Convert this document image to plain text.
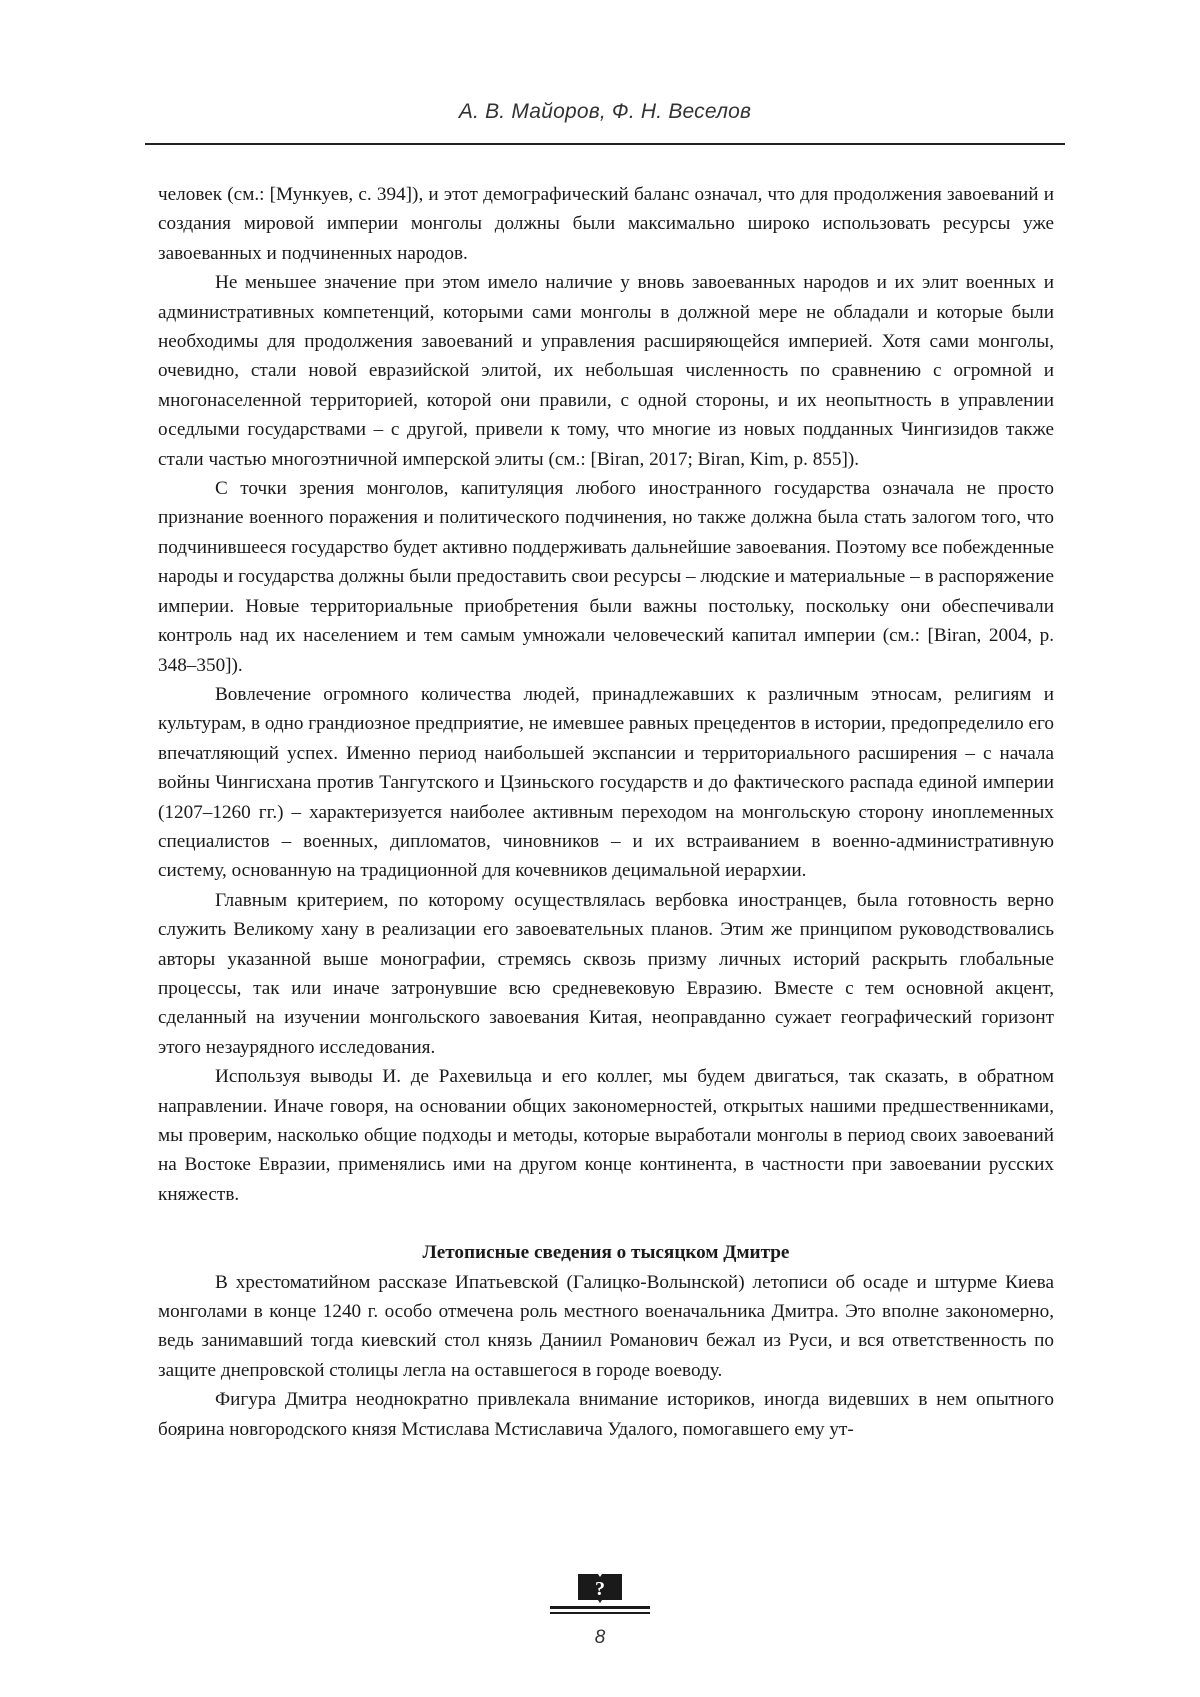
А. В. Майоров, Ф. Н. Веселов

человек (см.: [Мункуев, с. 394]), и этот демографический баланс означал, что для продолжения завоеваний и создания мировой империи монголы должны были максимально широко использовать ресурсы уже завоеванных и подчиненных народов.

Не меньшее значение при этом имело наличие у вновь завоеванных народов и их элит военных и административных компетенций, которыми сами монголы в должной мере не обладали и которые были необходимы для продолжения завоеваний и управления расширяющейся империей. Хотя сами монголы, очевидно, стали новой евразийской элитой, их небольшая численность по сравнению с огромной и многонаселенной территорией, которой они правили, с одной стороны, и их неопытность в управлении оседлыми государствами – с другой, привели к тому, что многие из новых подданных Чингизидов также стали частью многоэтничной имперской элиты (см.: [Biran, 2017; Biran, Kim, p. 855]).

С точки зрения монголов, капитуляция любого иностранного государства означала не просто признание военного поражения и политического подчинения, но также должна была стать залогом того, что подчинившееся государство будет активно поддерживать дальнейшие завоевания. Поэтому все побежденные народы и государства должны были предоставить свои ресурсы – людские и материальные – в распоряжение империи. Новые территориальные приобретения были важны постольку, поскольку они обеспечивали контроль над их населением и тем самым умножали человеческий капитал империи (см.: [Biran, 2004, p. 348–350]).

Вовлечение огромного количества людей, принадлежавших к различным этносам, религиям и культурам, в одно грандиозное предприятие, не имевшее равных прецедентов в истории, предопределило его впечатляющий успех. Именно период наибольшей экспансии и территориального расширения – с начала войны Чингисхана против Тангутского и Цзиньского государств и до фактического распада единой империи (1207–1260 гг.) – характеризуется наиболее активным переходом на монгольскую сторону иноплеменных специалистов – военных, дипломатов, чиновников – и их встраиванием в военно-административную систему, основанную на традиционной для кочевников децимальной иерархии.

Главным критерием, по которому осуществлялась вербовка иностранцев, была готовность верно служить Великому хану в реализации его завоевательных планов. Этим же принципом руководствовались авторы указанной выше монографии, стремясь сквозь призму личных историй раскрыть глобальные процессы, так или иначе затронувшие всю средневековую Евразию. Вместе с тем основной акцент, сделанный на изучении монгольского завоевания Китая, неоправданно сужает географический горизонт этого незаурядного исследования.

Используя выводы И. де Рахевильца и его коллег, мы будем двигаться, так сказать, в обратном направлении. Иначе говоря, на основании общих закономерностей, открытых нашими предшественниками, мы проверим, насколько общие подходы и методы, которые выработали монголы в период своих завоеваний на Востоке Евразии, применялись ими на другом конце континента, в частности при завоевании русских княжеств.

Летописные сведения о тысяцком Дмитре

В хрестоматийном рассказе Ипатьевской (Галицко-Волынской) летописи об осаде и штурме Киева монголами в конце 1240 г. особо отмечена роль местного военачальника Дмитра. Это вполне закономерно, ведь занимавший тогда киевский стол князь Даниил Романович бежал из Руси, и вся ответственность по защите днепровской столицы легла на оставшегося в городе воеводу.

Фигура Дмитра неоднократно привлекала внимание историков, иногда видевших в нем опытного боярина новгородского князя Мстислава Мстиславича Удалого, помогавшего ему ут-

?
8
